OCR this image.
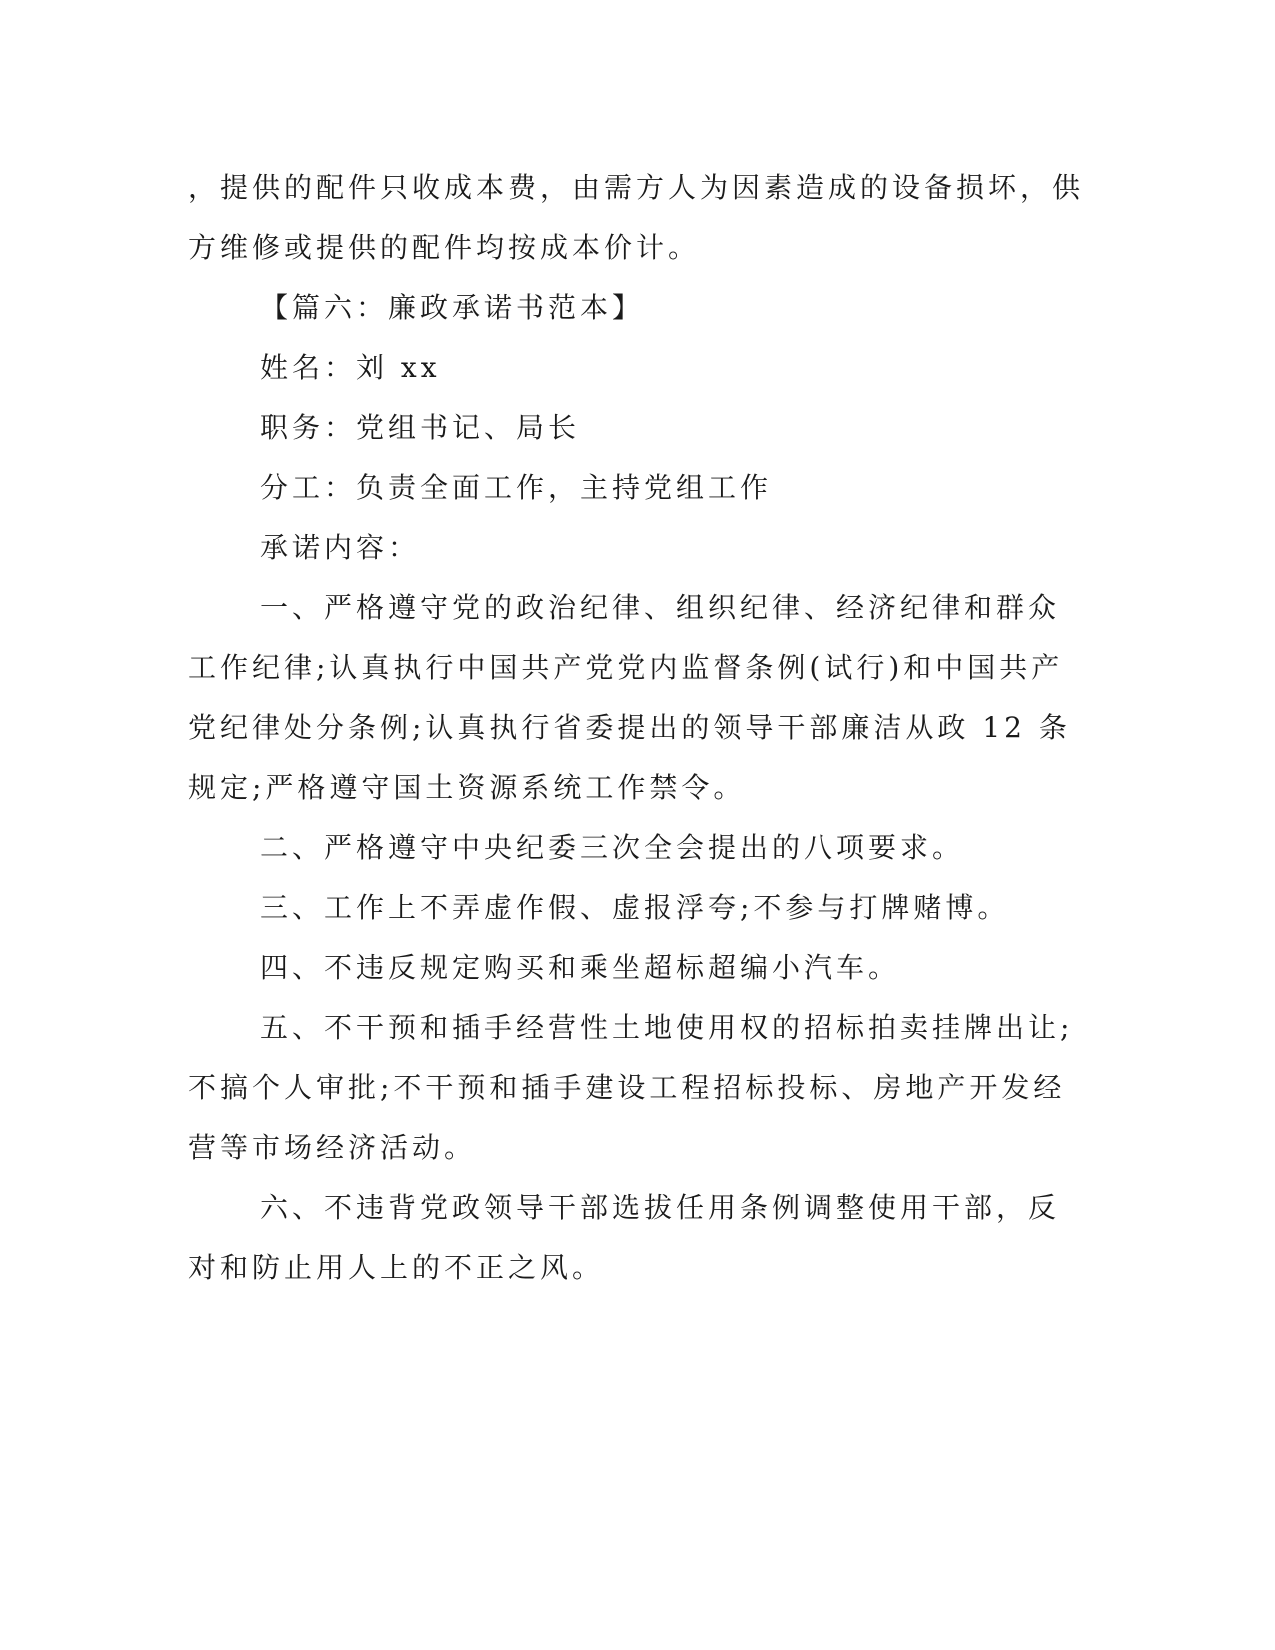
，提供的配件只收成本费，由需方人为因素造成的设备损坏，供方维修或提供的配件均按成本价计。

【篇六：廉政承诺书范本】

姓名：刘 xx

职务：党组书记、局长

分工：负责全面工作，主持党组工作

承诺内容：

一、严格遵守党的政治纪律、组织纪律、经济纪律和群众工作纪律;认真执行中国共产党党内监督条例(试行)和中国共产党纪律处分条例;认真执行省委提出的领导干部廉洁从政 12 条规定;严格遵守国土资源系统工作禁令。

二、严格遵守中央纪委三次全会提出的八项要求。

三、工作上不弄虚作假、虚报浮夸;不参与打牌赌博。

四、不违反规定购买和乘坐超标超编小汽车。

五、不干预和插手经营性土地使用权的招标拍卖挂牌出让;不搞个人审批;不干预和插手建设工程招标投标、房地产开发经营等市场经济活动。

六、不违背党政领导干部选拔任用条例调整使用干部，反对和防止用人上的不正之风。
